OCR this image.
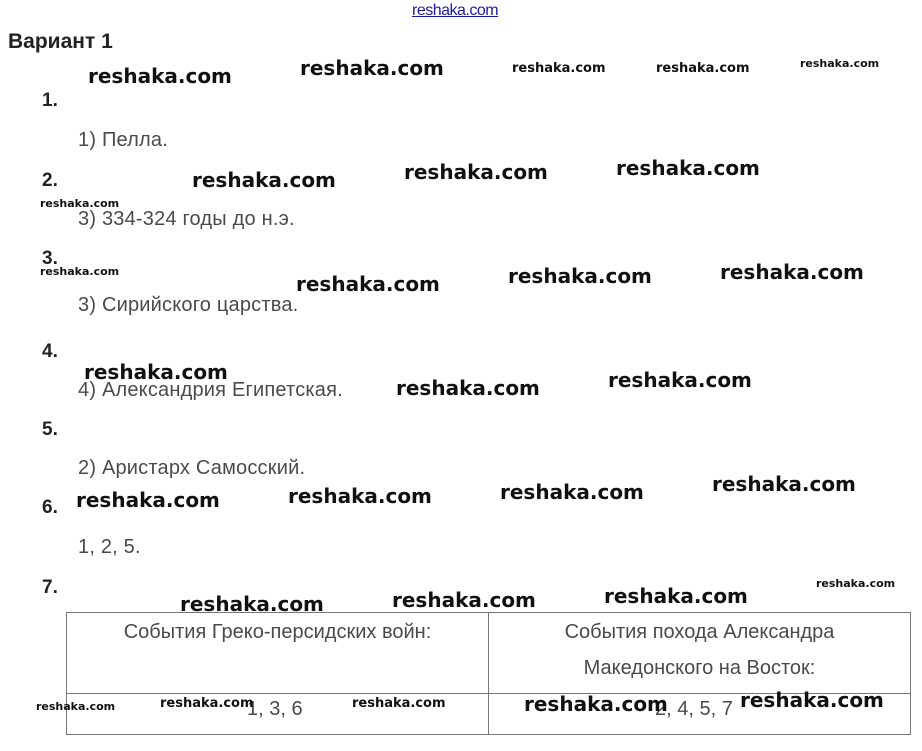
reshaka.com
Вариант 1
1.
1) Пелла.
2.
3) 334-324 годы до н.э.
3.
3) Сирийского царства.
4.
4) Александрия Египетская.
5.
2) Аристарх Самосский.
6.
1, 2, 5.
7.
События Греко-персидских войн:	События похода Александра
Македонского на Восток:
1, 3, 6	2, 4, 5, 7
reshaka.com	reshaka.com	reshaka.com	reshaka.com	reshaka.com
reshaka.com	reshaka.com	reshaka.com
reshaka.com
reshaka.com
reshaka.com	reshaka.com	reshaka.com
reshaka.com
reshaka.com	reshaka.com
reshaka.com	reshaka.com	reshaka.com	reshaka.com
reshaka.com
reshaka.com	reshaka.com	reshaka.com
reshaka.com	reshaka.com	reshaka.com	reshaka.com	reshaka.com
